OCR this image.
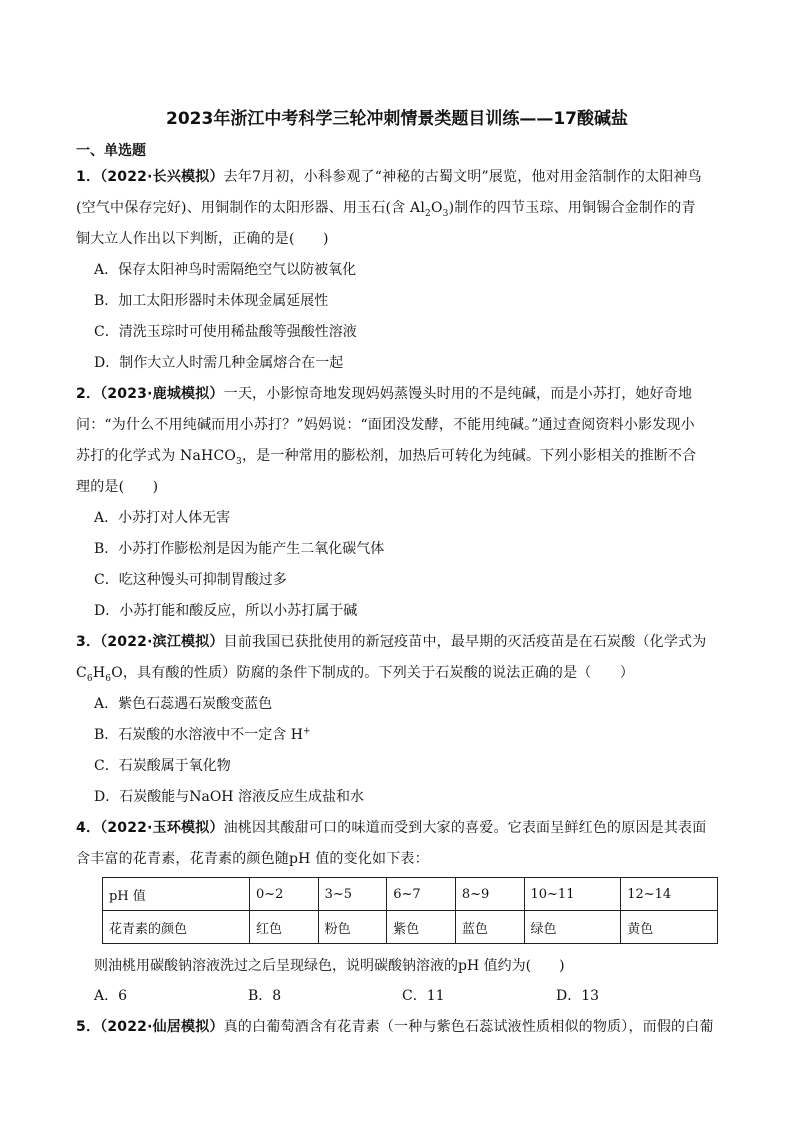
2023年浙江中考科学三轮冲刺情景类题目训练——17酸碱盐
一、单选题
1．（2022·长兴模拟）去年7月初，小科参观了“神秘的古蜀文明”展览，他对用金箔制作的太阳神鸟
(空气中保存完好)、用铜制作的太阳形器、用玉石(含 $Al_2O_3$)制作的四节玉琮、用铜锡合金制作的青
铜大立人作出以下判断，正确的是(　　)
A．保存太阳神鸟时需隔绝空气以防被氧化
B．加工太阳形器时未体现金属延展性
C．清洗玉琮时可使用稀盐酸等强酸性溶液
D．制作大立人时需几种金属熔合在一起
2．（2023·鹿城模拟）一天，小影惊奇地发现妈妈蒸馒头时用的不是纯碱，而是小苏打，她好奇地
问：“为什么不用纯碱而用小苏打？”妈妈说：“面团没发酵，不能用纯碱。”通过查阅资料小影发现小
苏打的化学式为 NaHCO$_3$，是一种常用的膨松剂，加热后可转化为纯碱。下列小影相关的推断不合
理的是(　　)
A．小苏打对人体无害
B．小苏打作膨松剂是因为能产生二氧化碳气体
C．吃这种馒头可抑制胃酸过多
D．小苏打能和酸反应，所以小苏打属于碱
3．（2022·滨江模拟）目前我国已获批使用的新冠疫苗中，最早期的灭活疫苗是在石炭酸（化学式为
$C_6H_6O$，具有酸的性质）防腐的条件下制成的。下列关于石炭酸的说法正确的是（　　）
A．紫色石蕊遇石炭酸变蓝色
B．石炭酸的水溶液中不一定含 H+
C．石炭酸属于氧化物
D．石炭酸能与NaOH 溶液反应生成盐和水
4．（2022·玉环模拟）油桃因其酸甜可口的味道而受到大家的喜爱。它表面呈鲜红色的原因是其表面
含丰富的花青素，花青素的颜色随pH 值的变化如下表：
pH 值	0~2	3~5	6~7	8~9	10~11	12~14
花青素的颜色	红色	粉色	紫色	蓝色	绿色	黄色
则油桃用碳酸钠溶液洗过之后呈现绿色，说明碳酸钠溶液的pH 值约为(　　)
A．6	B．8	C．11	D．13
5．（2022·仙居模拟）真的白葡萄酒含有花青素（一种与紫色石蕊试液性质相似的物质），而假的白葡
